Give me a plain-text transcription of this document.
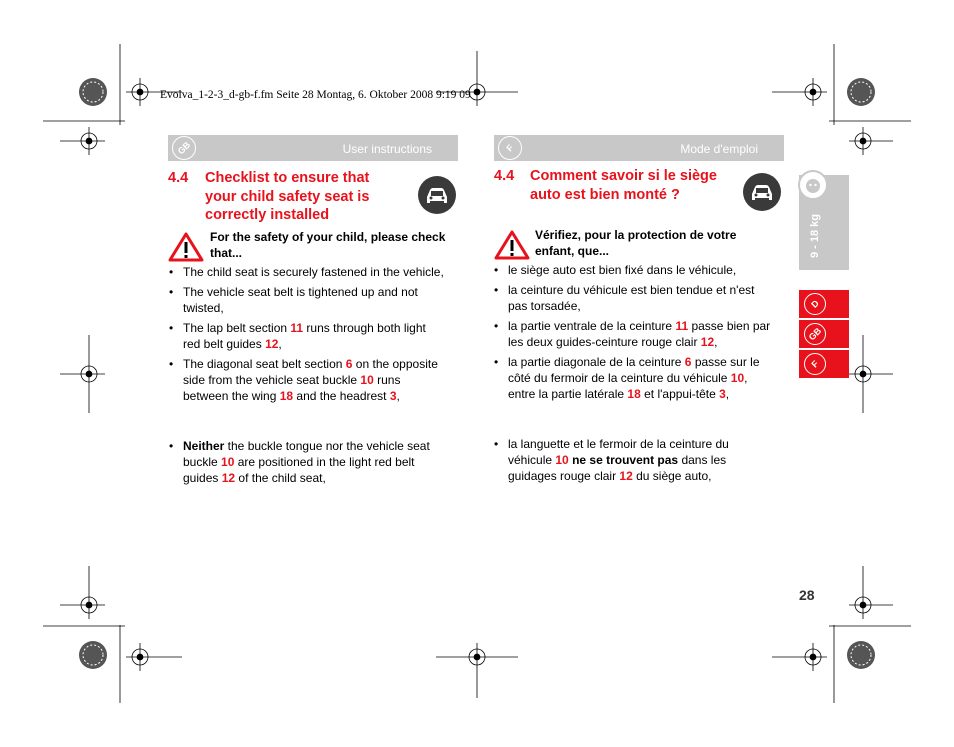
Evolva_1-2-3_d-gb-f.fm Seite 28 Montag, 6. Oktober 2008 9:19 09
GB	User instructions
4.4 Checklist to ensure that
your child safety seat is
correctly installed
For the safety of your child, please check
that...
• The child seat is securely fastened in the vehicle,
• The vehicle seat belt is tightened up and not
twisted,
• The lap belt section 11 runs through both light
red belt guides 12,
• The diagonal seat belt section 6 on the opposite
side from the vehicle seat buckle 10 runs
between the wing 18 and the headrest 3,
• Neither the buckle tongue nor the vehicle seat
buckle 10 are positioned in the light red belt
guides 12 of the child seat,
F	Mode d'emploi
4.4 Comment savoir si le siège
auto est bien monté ?
Vérifiez, pour la protection de votre
enfant, que...
• le siège auto est bien fixé dans le véhicule,
• la ceinture du véhicule est bien tendue et n'est
pas torsadée,
• la partie ventrale de la ceinture 11 passe bien par
les deux guides-ceinture rouge clair 12,
• la partie diagonale de la ceinture 6 passe sur le
côté du fermoir de la ceinture du véhicule 10,
entre la partie latérale 18 et l'appui-tête 3,
• la languette et le fermoir de la ceinture du
véhicule 10 ne se trouvent pas dans les
guidages rouge clair 12 du siège auto,
9 - 18 kg
D
GB
F
28
